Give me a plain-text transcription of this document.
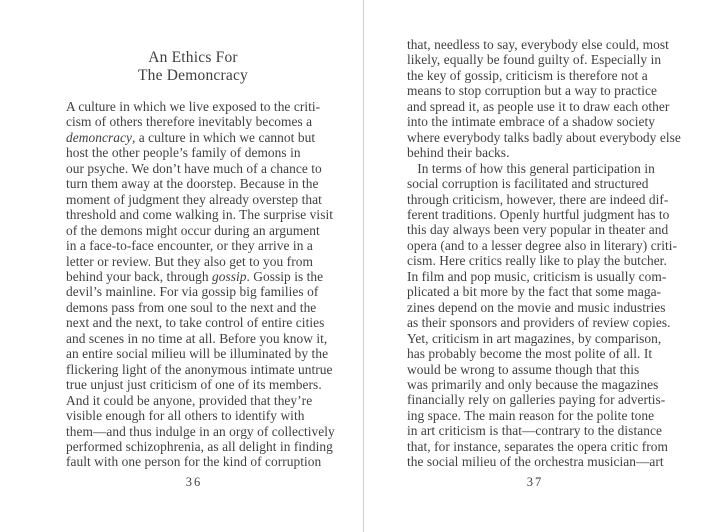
An Ethics For
The Demoncracy
A culture in which we live exposed to the criti-
cism of others therefore inevitably becomes a
demoncracy, a culture in which we cannot but
host the other people’s family of demons in
our psyche. We don’t have much of a chance to
turn them away at the doorstep. Because in the
moment of judgment they already overstep that
threshold and come walking in. The surprise visit
of the demons might occur during an argument
in a face-to-face encounter, or they arrive in a
letter or review. But they also get to you from
behind your back, through gossip. Gossip is the
devil’s mainline. For via gossip big families of
demons pass from one soul to the next and the
next and the next, to take control of entire cities
and scenes in no time at all. Before you know it,
an entire social milieu will be illuminated by the
flickering light of the anonymous intimate untrue
true unjust just criticism of one of its members.
And it could be anyone, provided that they’re
visible enough for all others to identify with
them—and thus indulge in an orgy of collectively
performed schizophrenia, as all delight in finding
fault with one person for the kind of corruption
36
that, needless to say, everybody else could, most
likely, equally be found guilty of. Especially in
the key of gossip, criticism is therefore not a
means to stop corruption but a way to practice
and spread it, as people use it to draw each other
into the intimate embrace of a shadow society
where everybody talks badly about everybody else
behind their backs.
In terms of how this general participation in
social corruption is facilitated and structured
through criticism, however, there are indeed dif-
ferent traditions. Openly hurtful judgment has to
this day always been very popular in theater and
opera (and to a lesser degree also in literary) criti-
cism. Here critics really like to play the butcher.
In film and pop music, criticism is usually com-
plicated a bit more by the fact that some maga-
zines depend on the movie and music industries
as their sponsors and providers of review copies.
Yet, criticism in art magazines, by comparison,
has probably become the most polite of all. It
would be wrong to assume though that this
was primarily and only because the magazines
financially rely on galleries paying for advertis-
ing space. The main reason for the polite tone
in art criticism is that—contrary to the distance
that, for instance, separates the opera critic from
the social milieu of the orchestra musician—art
37
